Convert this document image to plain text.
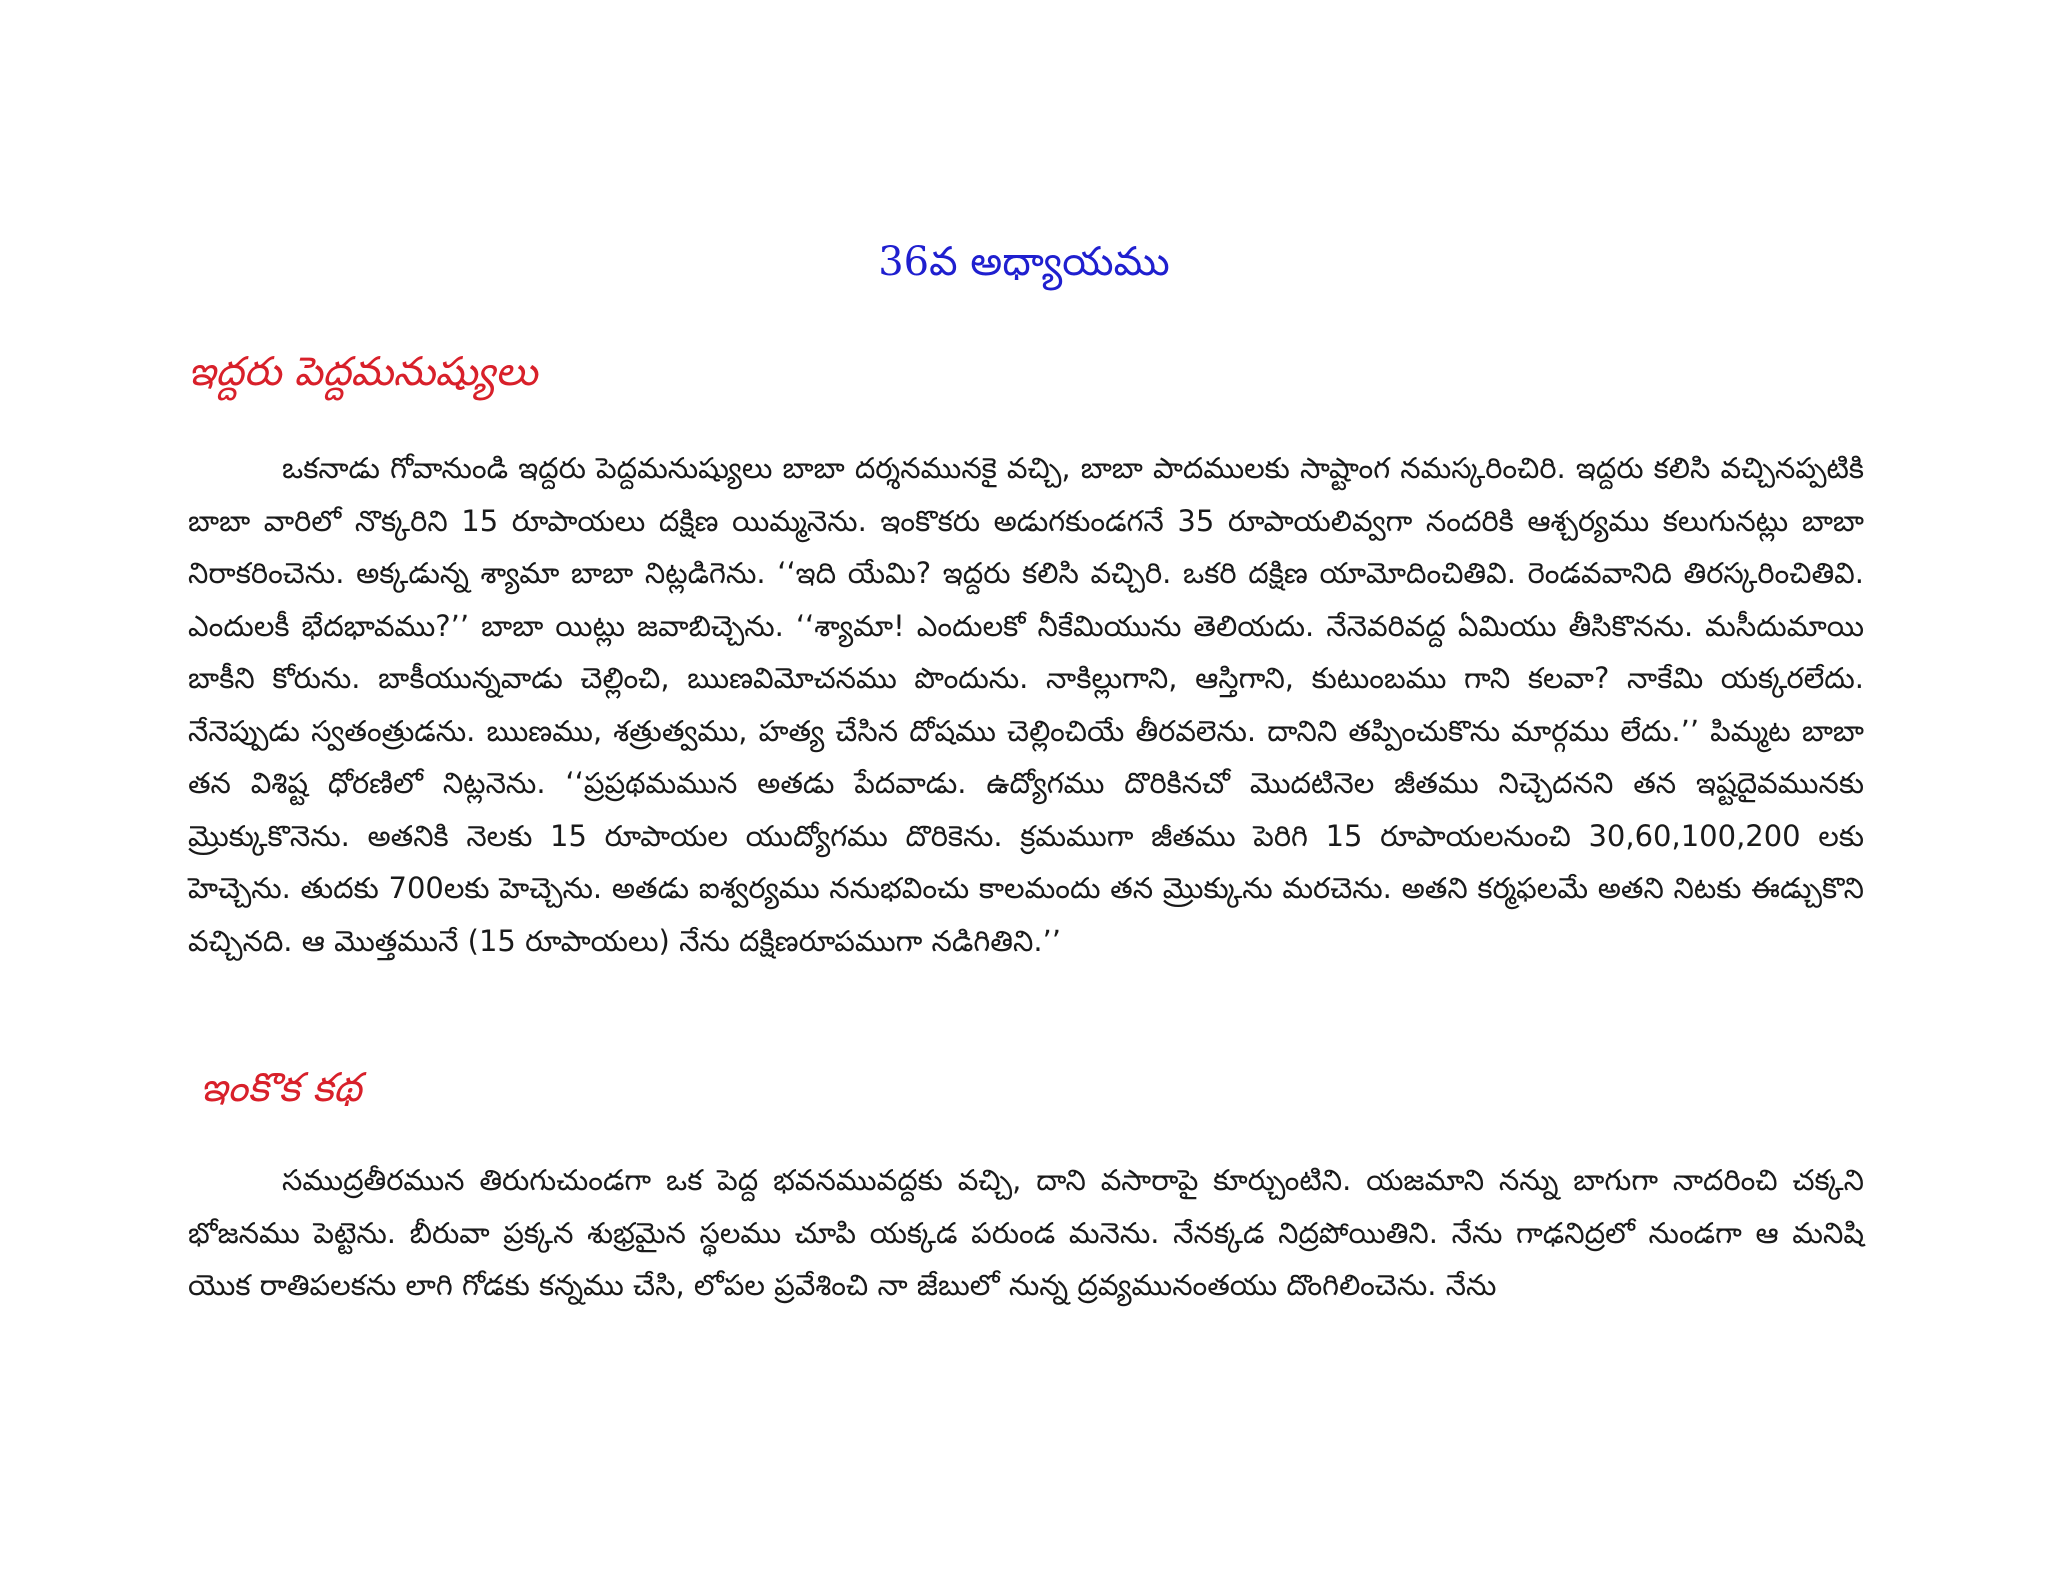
36వ అధ్యాయము
ఇద్దరు పెద్దమనుష్యులు

ఒకనాడు గోవానుండి ఇద్దరు పెద్దమనుష్యులు బాబా దర్శనమునకై వచ్చి, బాబా పాదములకు సాష్టాంగ నమస్కరించిరి. ఇద్దరు కలిసి వచ్చినప్పటికి బాబా వారిలో నొక్కరిని 15 రూపాయలు దక్షిణ యిమ్మనెను. ఇంకొకరు అడుగకుండగనే 35 రూపాయలివ్వగా నందరికి ఆశ్చర్యము కలుగునట్లు బాబా నిరాకరించెను. అక్కడున్న శ్యామా బాబా నిట్లడిగెను. ‘‘ఇది యేమి? ఇద్దరు కలిసి వచ్చిరి. ఒకరి దక్షిణ యామోదించితివి. రెండవవానిది తిరస్కరించితివి. ఎందులకీ భేదభావము?’’ బాబా యిట్లు జవాబిచ్చెను. ‘‘శ్యామా! ఎందులకో నీకేమియును తెలియదు. నేనెవరివద్ద ఏమియు తీసికొనను. మసీదుమాయి బాకీని కోరును. బాకీయున్నవాడు చెల్లించి, ఋణవిమోచనము పొందును. నాకిల్లుగాని, ఆస్తిగాని, కుటుంబము గాని కలవా? నాకేమి యక్కరలేదు. నేనెప్పుడు స్వతంత్రుడను. ఋణము, శత్రుత్వము, హత్య చేసిన దోషము చెల్లించియే తీరవలెను. దానిని తప్పించుకొను మార్గము లేదు.’’ పిమ్మట బాబా తన విశిష్ట ధోరణిలో నిట్లనెను. ‘‘ప్రప్రథమమున అతడు పేదవాడు. ఉద్యోగము దొరికినచో మొదటినెల జీతము నిచ్చెదనని తన ఇష్టదైవమునకు మ్రొక్కుకొనెను. అతనికి నెలకు 15 రూపాయల యుద్యోగము దొరికెను. క్రమముగా జీతము పెరిగి 15 రూపాయలనుంచి 30,60,100,200 లకు హెచ్చెను. తుదకు 700లకు హెచ్చెను. అతడు ఐశ్వర్యము ననుభవించు కాలమందు తన మ్రొక్కును మరచెను. అతని కర్మఫలమే అతని నిటకు ఈడ్చుకొని వచ్చినది. ఆ మొత్తమునే (15 రూపాయలు) నేను దక్షిణరూపముగా నడిగితిని.’’

ఇంకొక కథ

సముద్రతీరమున తిరుగుచుండగా ఒక పెద్ద భవనమువద్దకు వచ్చి, దాని వసారాపై కూర్చుంటిని. యజమాని నన్ను బాగుగా నాదరించి చక్కని భోజనము పెట్టెను. బీరువా ప్రక్కన శుభ్రమైన స్థలము చూపి యక్కడ పరుండ మనెను. నేనక్కడ నిద్రపోయితిని. నేను గాఢనిద్రలో నుండగా ఆ మనిషి యొక రాతిపలకను లాగి గోడకు కన్నము చేసి, లోపల ప్రవేశించి నా జేబులో నున్న ద్రవ్యమునంతయు దొంగిలించెను. నేను
